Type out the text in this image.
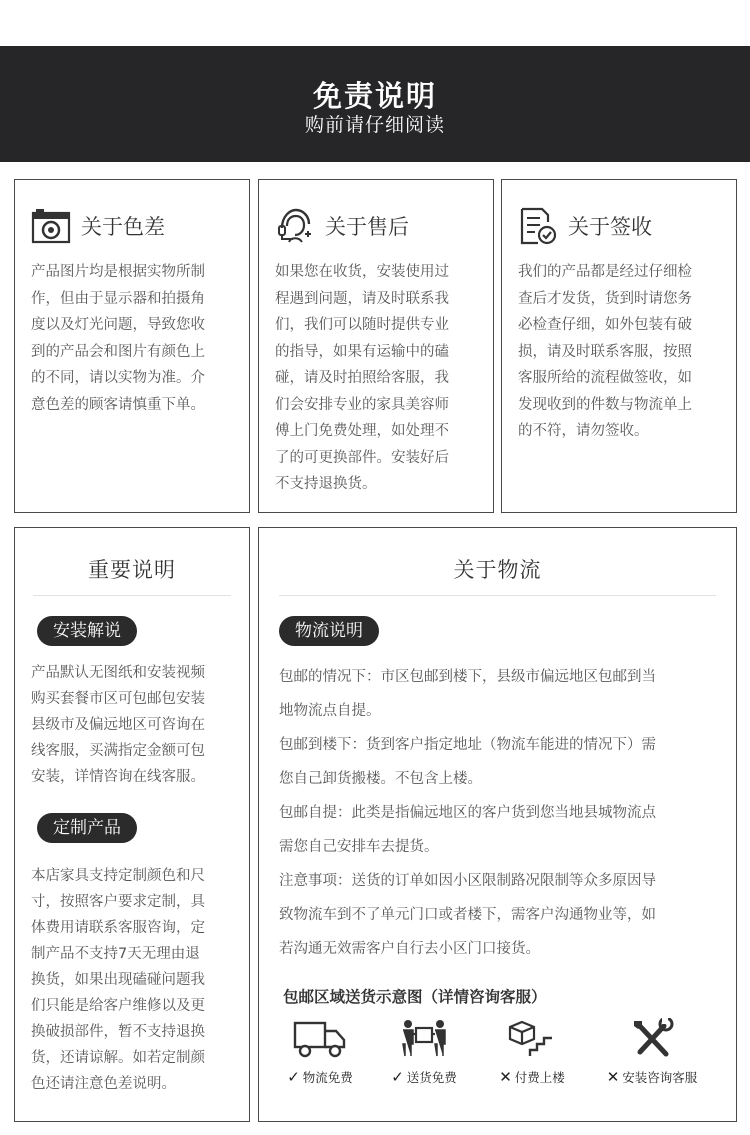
免责说明
购前请仔细阅读
关于色差
产品图片均是根据实物所制
作，但由于显示器和拍摄角
度以及灯光问题，导致您收
到的产品会和图片有颜色上
的不同，请以实物为准。介
意色差的顾客请慎重下单。
关于售后
如果您在收货，安装使用过
程遇到问题，请及时联系我
们，我们可以随时提供专业
的指导，如果有运输中的磕
碰，请及时拍照给客服，我
们会安排专业的家具美容师
傅上门免费处理，如处理不
了的可更换部件。安装好后
不支持退换货。
关于签收
我们的产品都是经过仔细检
查后才发货，货到时请您务
必检查仔细，如外包装有破
损，请及时联系客服，按照
客服所给的流程做签收，如
发现收到的件数与物流单上
的不符，请勿签收。
重要说明
安装解说
产品默认无图纸和安装视频
购买套餐市区可包邮包安装
县级市及偏远地区可咨询在
线客服，买满指定金额可包
安装，详情咨询在线客服。
定制产品
本店家具支持定制颜色和尺
寸，按照客户要求定制，具
体费用请联系客服咨询，定
制产品不支持7天无理由退
换货，如果出现磕碰问题我
们只能是给客户维修以及更
换破损部件，暂不支持退换
货，还请谅解。如若定制颜
色还请注意色差说明。
关于物流
物流说明
包邮的情况下：市区包邮到楼下，县级市偏远地区包邮到当
地物流点自提。
包邮到楼下：货到客户指定地址（物流车能进的情况下）需
您自己卸货搬楼。不包含上楼。
包邮自提：此类是指偏远地区的客户货到您当地县城物流点
需您自己安排车去提货。
注意事项：送货的订单如因小区限制路况限制等众多原因导
致物流车到不了单元门口或者楼下，需客户沟通物业等，如
若沟通无效需客户自行去小区门口接货。
包邮区域送货示意图（详情咨询客服）
✓ 物流免费	✓ 送货免费	✕ 付费上楼	✕ 安装咨询客服
